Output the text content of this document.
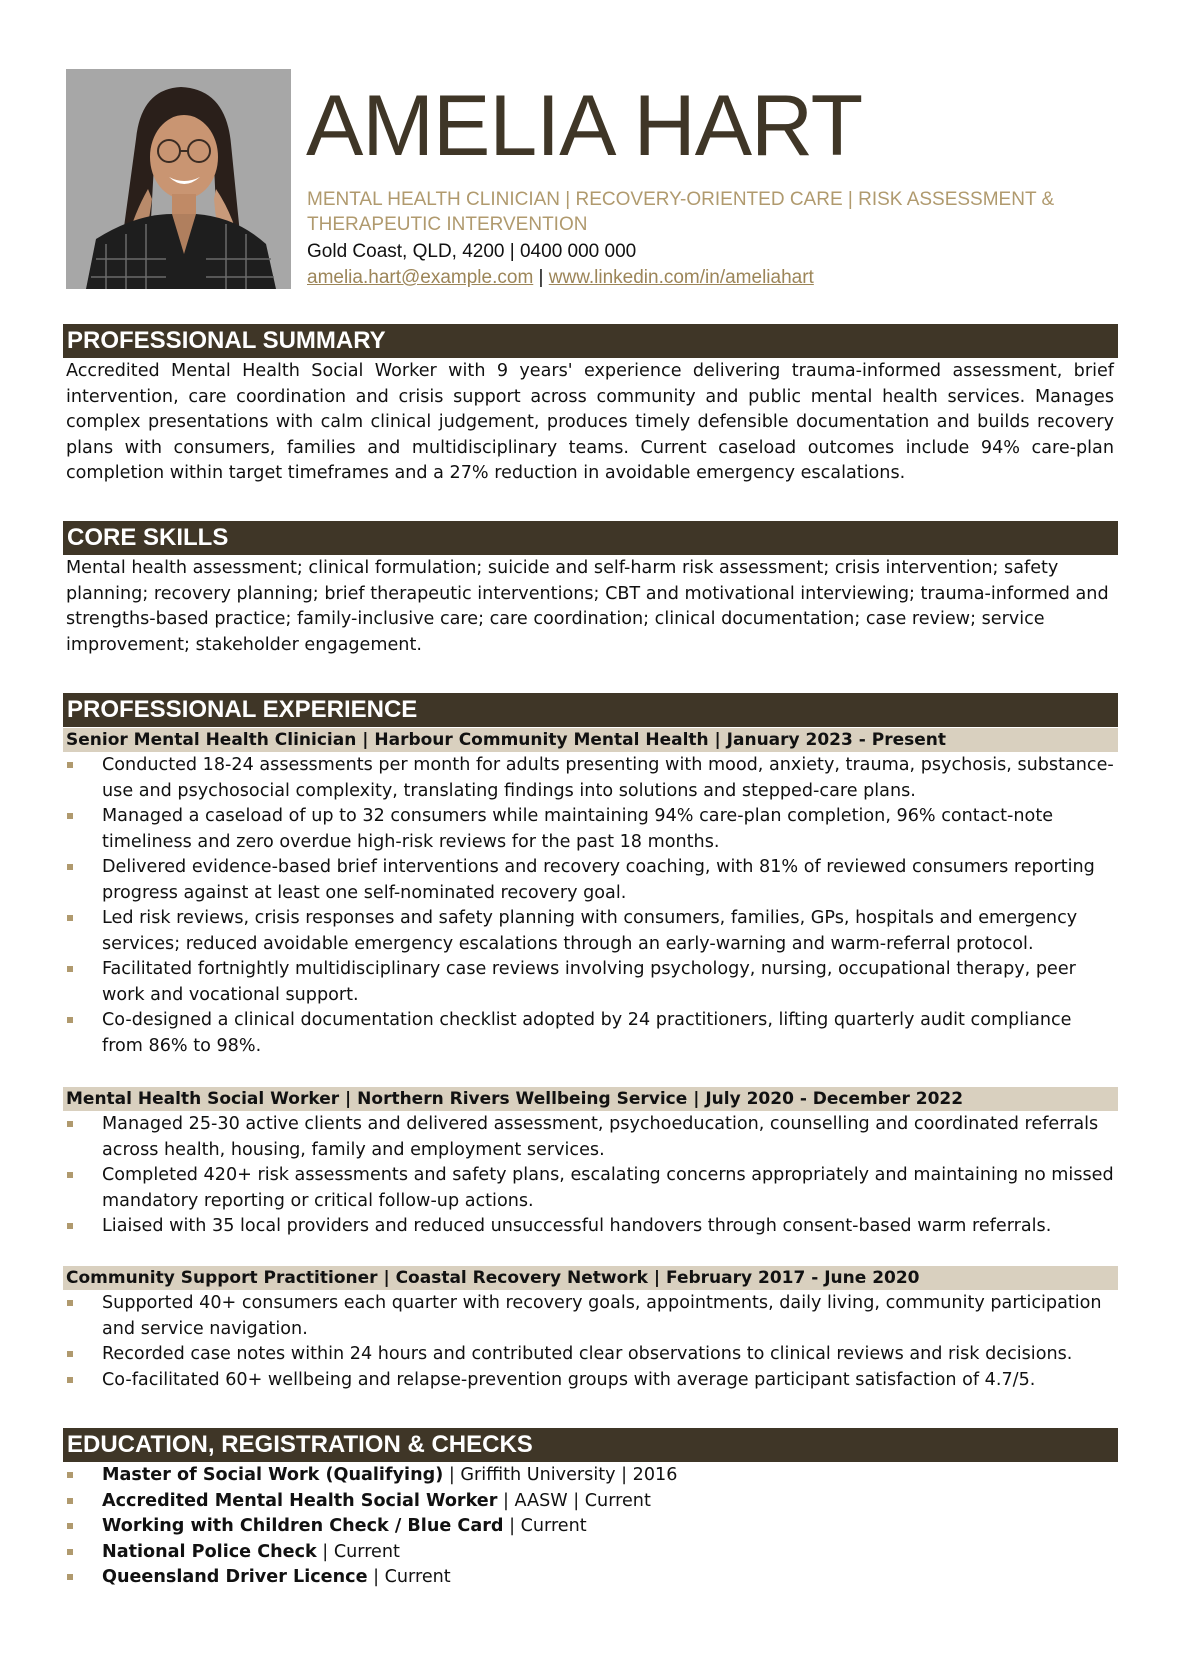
AMELIA HART
MENTAL HEALTH CLINICIAN | RECOVERY-ORIENTED CARE | RISK ASSESSMENT & THERAPEUTIC INTERVENTION
Gold Coast, QLD, 4200 | 0400 000 000
amelia.hart@example.com | www.linkedin.com/in/ameliahart
PROFESSIONAL SUMMARY
Accredited Mental Health Social Worker with 9 years' experience delivering trauma-informed assessment, brief intervention, care coordination and crisis support across community and public mental health services. Manages complex presentations with calm clinical judgement, produces timely defensible documentation and builds recovery plans with consumers, families and multidisciplinary teams. Current caseload outcomes include 94% care-plan completion within target timeframes and a 27% reduction in avoidable emergency escalations.
CORE SKILLS
Mental health assessment; clinical formulation; suicide and self-harm risk assessment; crisis intervention; safety planning; recovery planning; brief therapeutic interventions; CBT and motivational interviewing; trauma-informed and strengths-based practice; family-inclusive care; care coordination; clinical documentation; case review; service improvement; stakeholder engagement.
PROFESSIONAL EXPERIENCE
Senior Mental Health Clinician | Harbour Community Mental Health | January 2023 - Present
Conducted 18-24 assessments per month for adults presenting with mood, anxiety, trauma, psychosis, substance-use and psychosocial complexity, translating findings into solutions and stepped-care plans.
Managed a caseload of up to 32 consumers while maintaining 94% care-plan completion, 96% contact-note timeliness and zero overdue high-risk reviews for the past 18 months.
Delivered evidence-based brief interventions and recovery coaching, with 81% of reviewed consumers reporting progress against at least one self-nominated recovery goal.
Led risk reviews, crisis responses and safety planning with consumers, families, GPs, hospitals and emergency services; reduced avoidable emergency escalations through an early-warning and warm-referral protocol.
Facilitated fortnightly multidisciplinary case reviews involving psychology, nursing, occupational therapy, peer work and vocational support.
Co-designed a clinical documentation checklist adopted by 24 practitioners, lifting quarterly audit compliance from 86% to 98%.
Mental Health Social Worker | Northern Rivers Wellbeing Service | July 2020 - December 2022
Managed 25-30 active clients and delivered assessment, psychoeducation, counselling and coordinated referrals across health, housing, family and employment services.
Completed 420+ risk assessments and safety plans, escalating concerns appropriately and maintaining no missed mandatory reporting or critical follow-up actions.
Liaised with 35 local providers and reduced unsuccessful handovers through consent-based warm referrals.
Community Support Practitioner | Coastal Recovery Network | February 2017 - June 2020
Supported 40+ consumers each quarter with recovery goals, appointments, daily living, community participation and service navigation.
Recorded case notes within 24 hours and contributed clear observations to clinical reviews and risk decisions.
Co-facilitated 60+ wellbeing and relapse-prevention groups with average participant satisfaction of 4.7/5.
EDUCATION, REGISTRATION & CHECKS
Master of Social Work (Qualifying) | Griffith University | 2016
Accredited Mental Health Social Worker | AASW | Current
Working with Children Check / Blue Card | Current
National Police Check | Current
Queensland Driver Licence | Current
